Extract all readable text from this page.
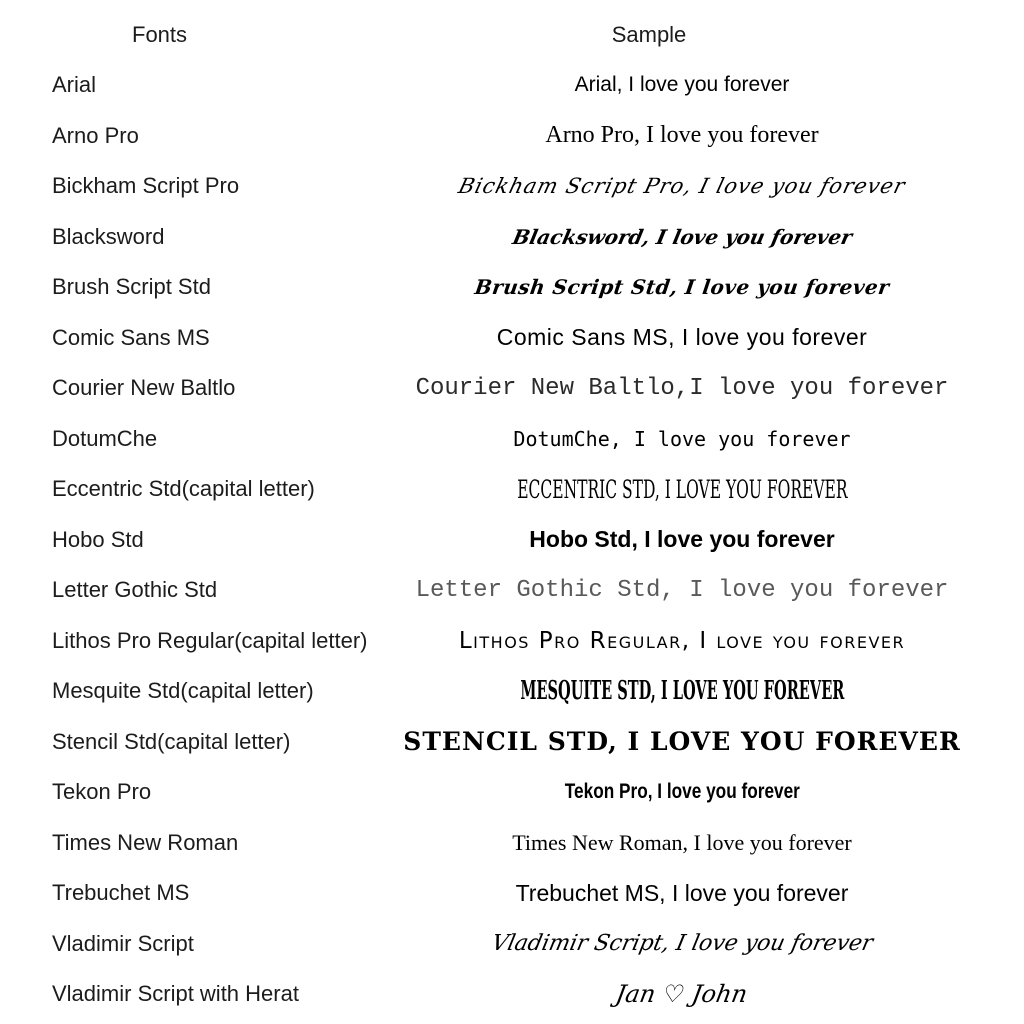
Fonts	Sample
Arial	Arial, I love you forever
Arno Pro	Arno Pro, I love you forever
Bickham Script Pro	Bickham Script Pro, I love you forever
Blacksword	Blacksword, I love you forever
Brush Script Std	Brush Script Std, I love you forever
Comic Sans MS	Comic Sans MS, I love you forever
Courier New Baltlo	Courier New Baltlo,I love you forever
DotumChe	DotumChe, I love you forever
Eccentric Std(capital letter)	ECCENTRIC STD, I LOVE YOU FOREVER
Hobo Std	Hobo Std, I love you forever
Letter Gothic Std	Letter Gothic Std, I love you forever
Lithos Pro Regular(capital letter)	Lithos Pro Regular, I love you forever
Mesquite Std(capital letter)	MESQUITE STD, I LOVE YOU FOREVER
Stencil Std(capital letter)	STENCIL STD, I LOVE YOU FOREVER
Tekon Pro	Tekon Pro, I love you forever
Times New Roman	Times New Roman, I love you forever
Trebuchet MS	Trebuchet MS, I love you forever
Vladimir Script	Vladimir Script, I love you forever
Vladimir Script with Herat	Jan ♡ John
